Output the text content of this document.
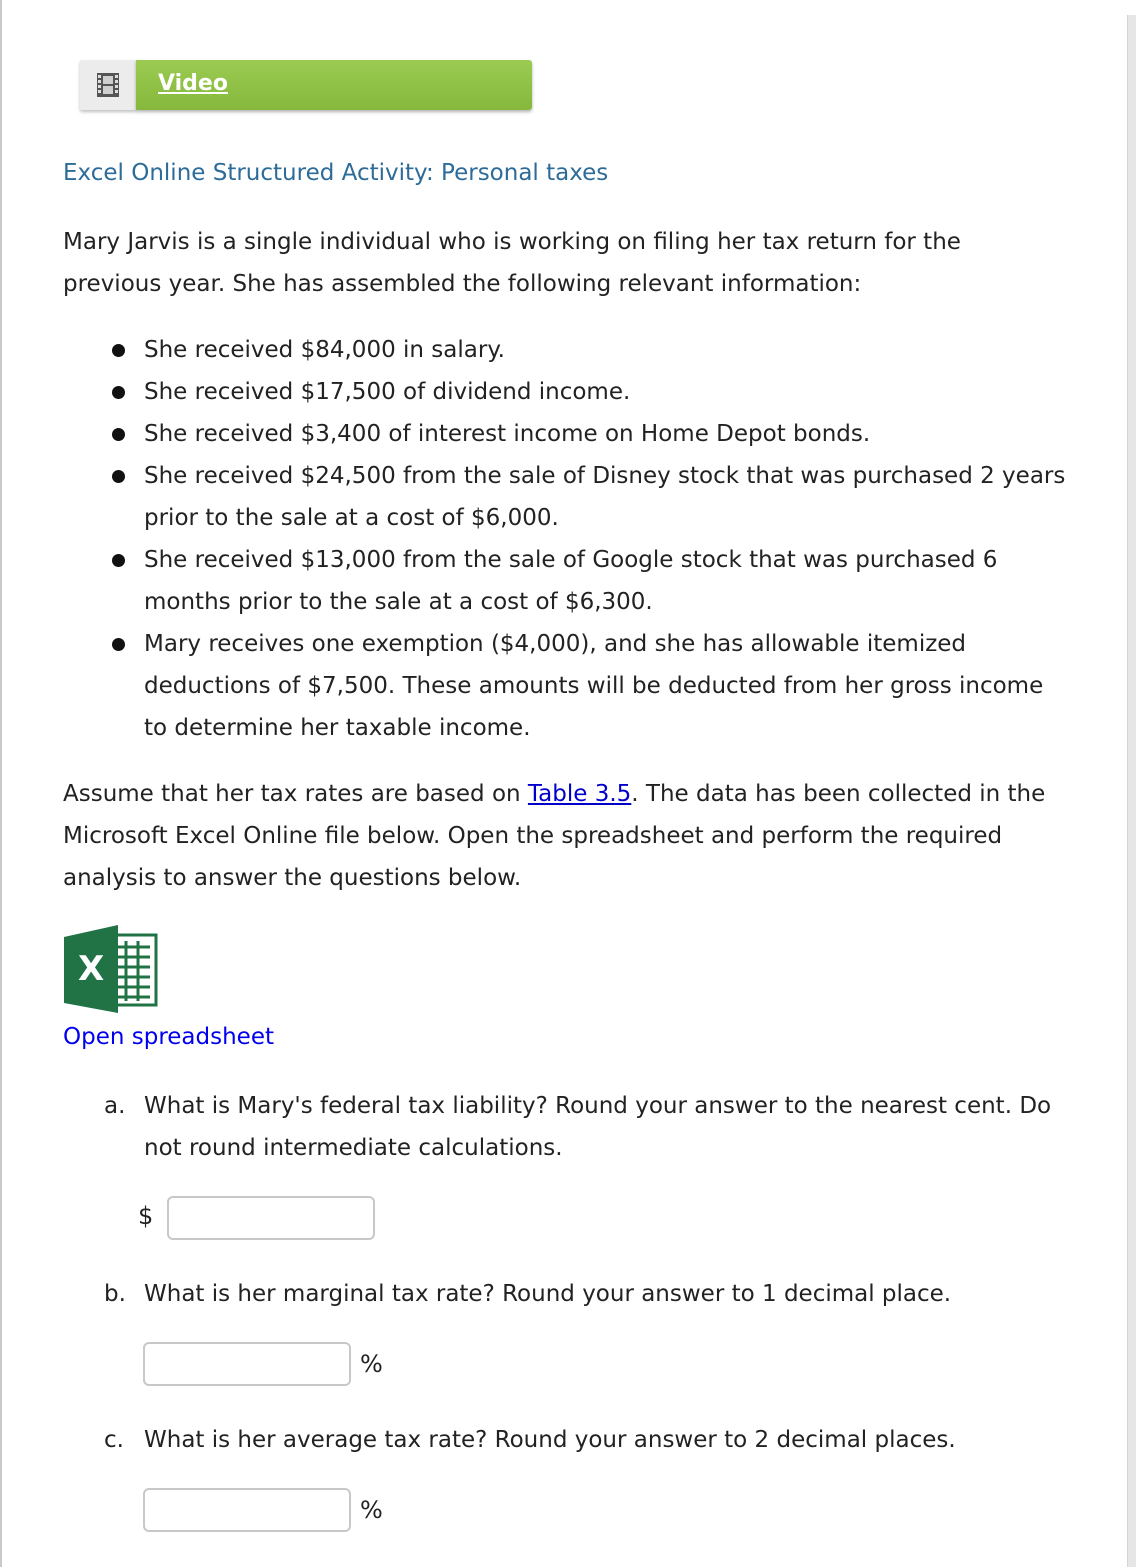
Video
Excel Online Structured Activity: Personal taxes
Mary Jarvis is a single individual who is working on filing her tax return for the previous year. She has assembled the following relevant information:
She received $84,000 in salary.
She received $17,500 of dividend income.
She received $3,400 of interest income on Home Depot bonds.
She received $24,500 from the sale of Disney stock that was purchased 2 years prior to the sale at a cost of $6,000.
She received $13,000 from the sale of Google stock that was purchased 6 months prior to the sale at a cost of $6,300.
Mary receives one exemption ($4,000), and she has allowable itemized deductions of $7,500. These amounts will be deducted from her gross income to determine her taxable income.
Assume that her tax rates are based on Table 3.5. The data has been collected in the Microsoft Excel Online file below. Open the spreadsheet and perform the required analysis to answer the questions below.
X
Open spreadsheet
a. What is Mary's federal tax liability? Round your answer to the nearest cent. Do not round intermediate calculations.
$
b. What is her marginal tax rate? Round your answer to 1 decimal place.
%
c. What is her average tax rate? Round your answer to 2 decimal places.
%
